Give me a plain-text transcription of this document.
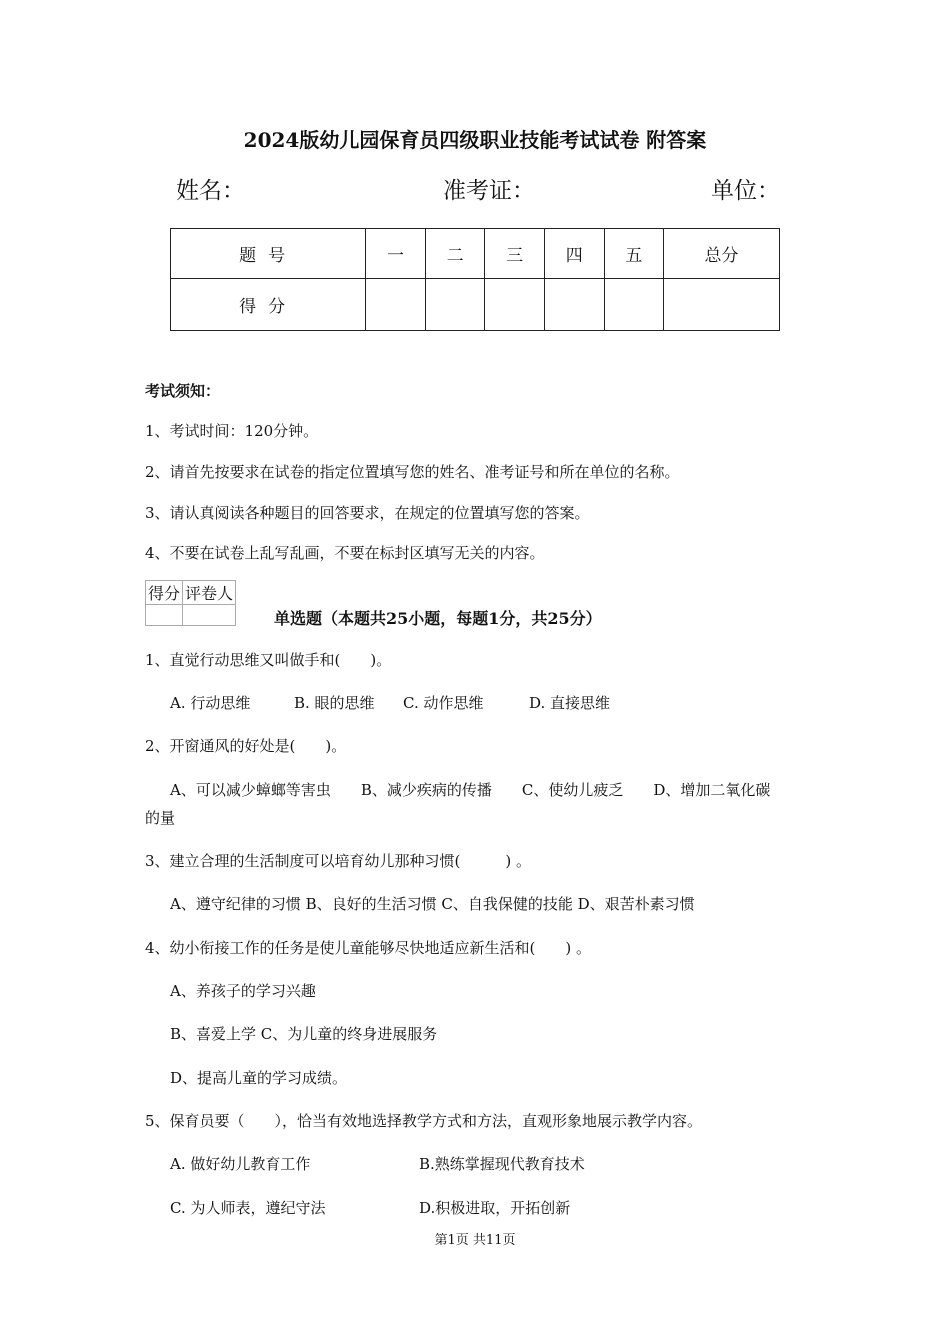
2024版幼儿园保育员四级职业技能考试试卷 附答案
姓名：	准考证：	单位：
题号	一	二	三	四	五	总分
得分						
考试须知：
1、考试时间：120分钟。
2、请首先按要求在试卷的指定位置填写您的姓名、准考证号和所在单位的名称。
3、请认真阅读各种题目的回答要求，在规定的位置填写您的答案。
4、不要在试卷上乱写乱画，不要在标封区填写无关的内容。
得分	评卷人

单选题（本题共25小题，每题1分，共25分）
1、直觉行动思维又叫做手和(　　)。
A. 行动思维	B. 眼的思维 C. 动作思维	D. 直接思维
2、开窗通风的好处是(　　)。
A、可以减少蟑螂等害虫　　B、减少疾病的传播　　C、使幼儿疲乏　　D、增加二氧化碳
的量
3、建立合理的生活制度可以培育幼儿那种习惯(　　　) 。
A、遵守纪律的习惯 B、良好的生活习惯 C、自我保健的技能 D、艰苦朴素习惯
4、幼小衔接工作的任务是使儿童能够尽快地适应新生活和(　　) 。
A、养孩子的学习兴趣
B、喜爱上学 C、为儿童的终身进展服务
D、提高儿童的学习成绩。
5、保育员要（　　），恰当有效地选择教学方式和方法，直观形象地展示教学内容。
A. 做好幼儿教育工作	B.熟练掌握现代教育技术
C. 为人师表，遵纪守法	D.积极进取，开拓创新
第1页 共11页
